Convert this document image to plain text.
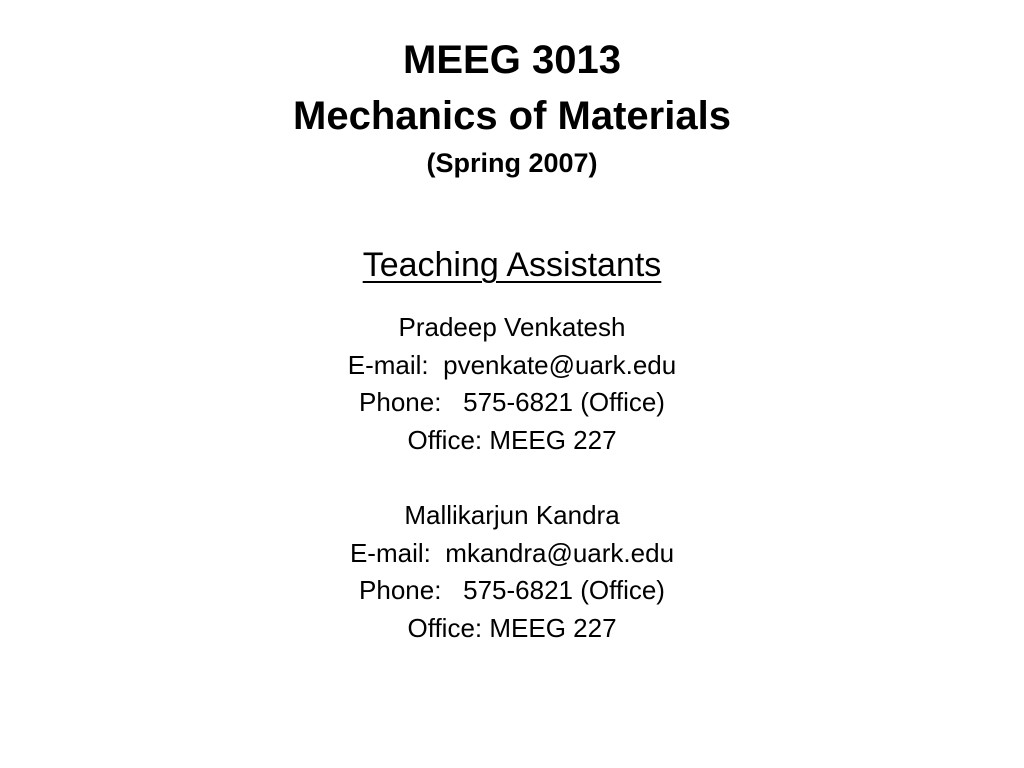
MEEG 3013
Mechanics of Materials
(Spring 2007)
Teaching Assistants
Pradeep Venkatesh
E-mail:  pvenkate@uark.edu
Phone:   575-6821 (Office)
Office: MEEG 227
Mallikarjun Kandra
E-mail:  mkandra@uark.edu
Phone:   575-6821 (Office)
Office: MEEG 227
